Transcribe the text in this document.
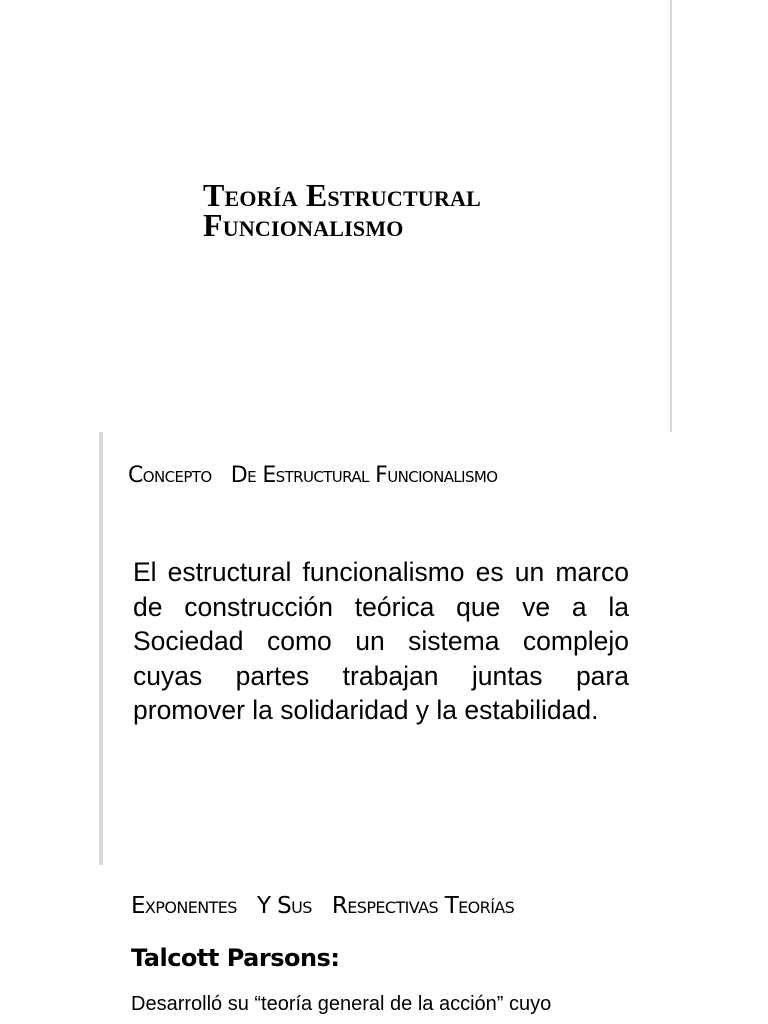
Teoría Estructural
Funcionalismo
Concepto   De Estructural Funcionalismo

El estructural funcionalismo es un marco de construcción teórica que ve a la Sociedad como un sistema complejo cuyas partes trabajan juntas para promover la solidaridad y la estabilidad.

Exponentes   Y Sus   Respectivas Teorías
Talcott Parsons:

Desarrolló su “teoría general de la acción” cuyo
